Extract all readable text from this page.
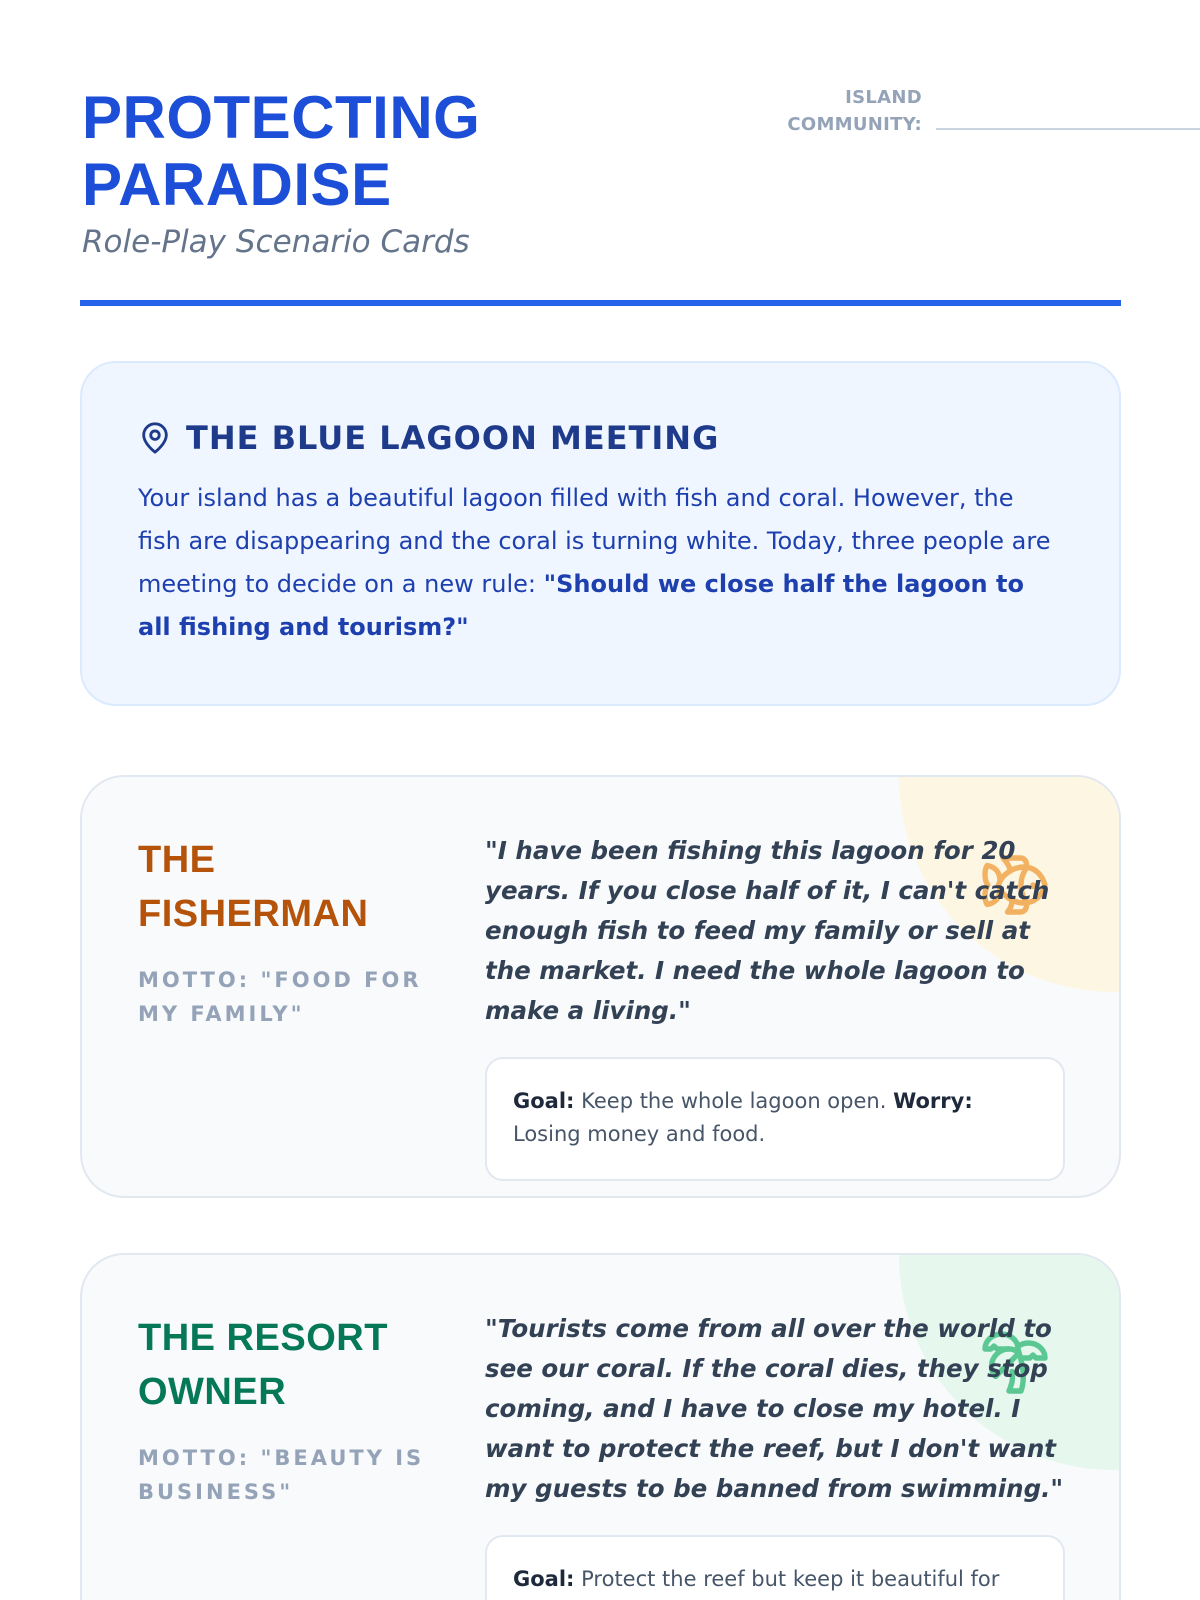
PROTECTING
PARADISE
Role-Play Scenario Cards
ISLAND
COMMUNITY:
THE BLUE LAGOON MEETING
Your island has a beautiful lagoon filled with fish and coral. However, the fish are disappearing and the coral is turning white. Today, three people are meeting to decide on a new rule: "Should we close half the lagoon to all fishing and tourism?"
THE
FISHERMAN
MOTTO: "FOOD FOR MY FAMILY"

"I have been fishing this lagoon for 20 years. If you close half of it, I can't catch enough fish to feed my family or sell at the market. I need the whole lagoon to make a living."

Goal: Keep the whole lagoon open. Worry: Losing money and food.
THE RESORT
OWNER
MOTTO: "BEAUTY IS BUSINESS"

"Tourists come from all over the world to see our coral. If the coral dies, they stop coming, and I have to close my hotel. I want to protect the reef, but I don't want my guests to be banned from swimming."

Goal: Protect the reef but keep it beautiful for
